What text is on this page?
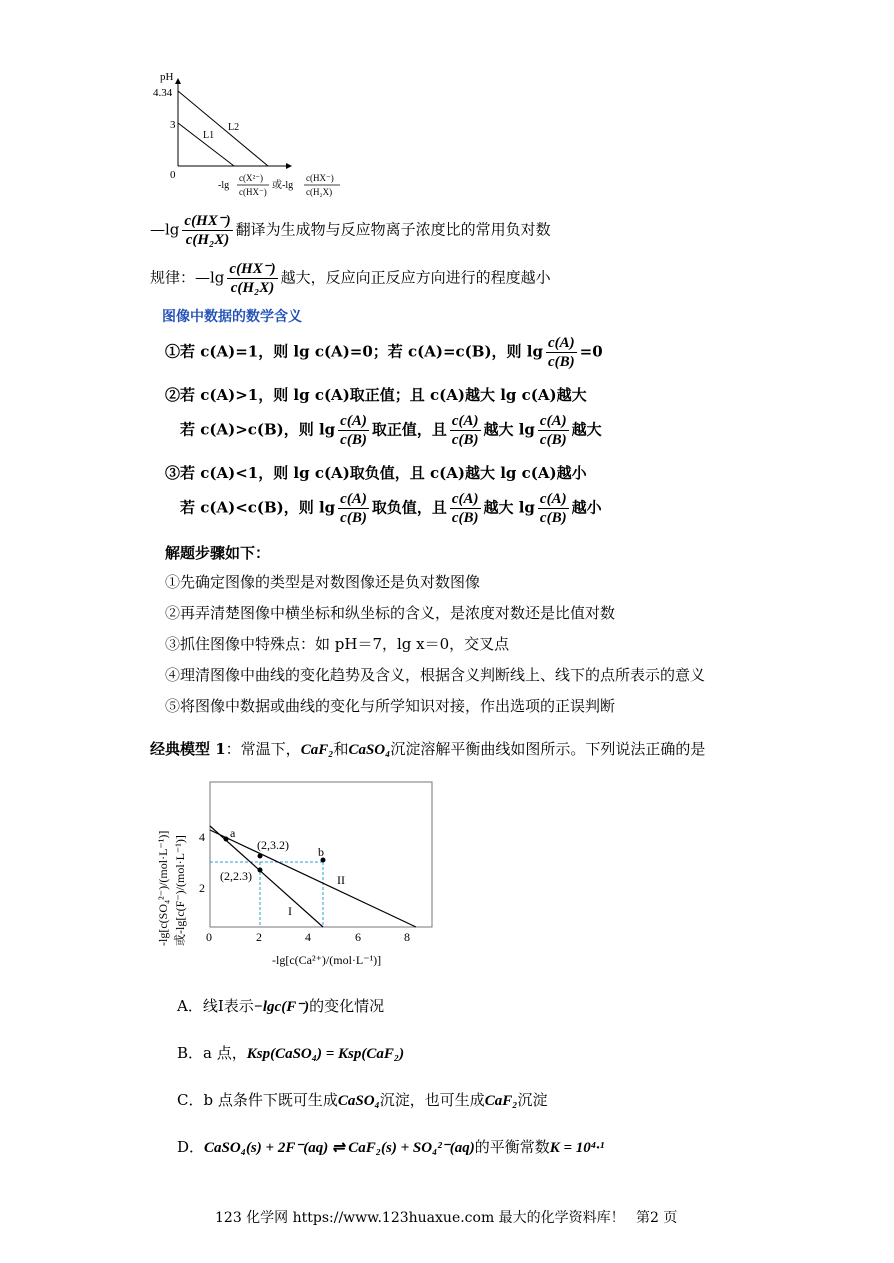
pH
4.34
3
0
L1
L2
-lg
c(X²⁻)
c(HX⁻)
或-lg
c(HX⁻)
c(H₂X)
—lg $\frac{c(HX^-)}{\text{c(H₂X)}}$ 翻译为生成物与反应物离子浓度比的常用负对数
规律：—lg $\frac{c(HX^-)}{\text{c(H₂X)}}$ 越大，反应向正反应方向进行的程度越小
图像中数据的数学含义
①若 c(A)=1，则 lg c(A)=0；若 c(A)=c(B)，则 $\lg \frac{c(A)}{c(B)} =0$
②若 c(A)>1，则 lg c(A)取正值；且 c(A)越大 lg c(A)越大
若 c(A)>c(B)，则 $\lg \frac{c(A)}{c(B)}$ 取正值，且 $\frac{c(A)}{c(B)}$ 越大 $\lg \frac{c(A)}{c(B)}$ 越大
③若 c(A)<1，则 lg c(A)取负值，且 c(A)越大 lg c(A)越小
若 c(A)<c(B)，则 $\lg \frac{c(A)}{c(B)}$ 取负值，且 $\frac{c(A)}{c(B)}$ 越大 $\lg \frac{c(A)}{c(B)}$ 越小
解题步骤如下：
①先确定图像的类型是对数图像还是负对数图像
②再弄清楚图像中横坐标和纵坐标的含义，是浓度对数还是比值对数
③抓住图像中特殊点：如 pH＝7，lg x＝0，交叉点
④理清图像中曲线的变化趋势及含义，根据含义判断线上、线下的点所表示的意义
⑤将图像中数据或曲线的变化与所学知识对接，作出选项的正误判断
经典模型 1：常温下，CaF₂和CaSO₄沉淀溶解平衡曲线如图所示。下列说法正确的是
-lg[c(SO₄²⁻)/(mol·L⁻¹)] 或-lg[c(F⁻)/(mol·L⁻¹)] 0	2	4	6	8
2
4 a
b
(2,3.2)
(2,2.3)
I
II
-lg[c(Ca²⁺)/(mol·L⁻¹)]
A．线Ⅰ表示−lgc(F⁻)的变化情况
B．a 点，Ksp(CaSO₄) = Ksp(CaF₂)
C．b 点条件下既可生成CaSO₄沉淀，也可生成CaF₂沉淀
D．CaSO₄(s) + 2F⁻(aq) ⇌ CaF₂(s) + SO₄²⁻(aq)的平衡常数K = 10⁴·¹
123 化学网 https://www.123huaxue.com 最大的化学资料库！ 第2 页
